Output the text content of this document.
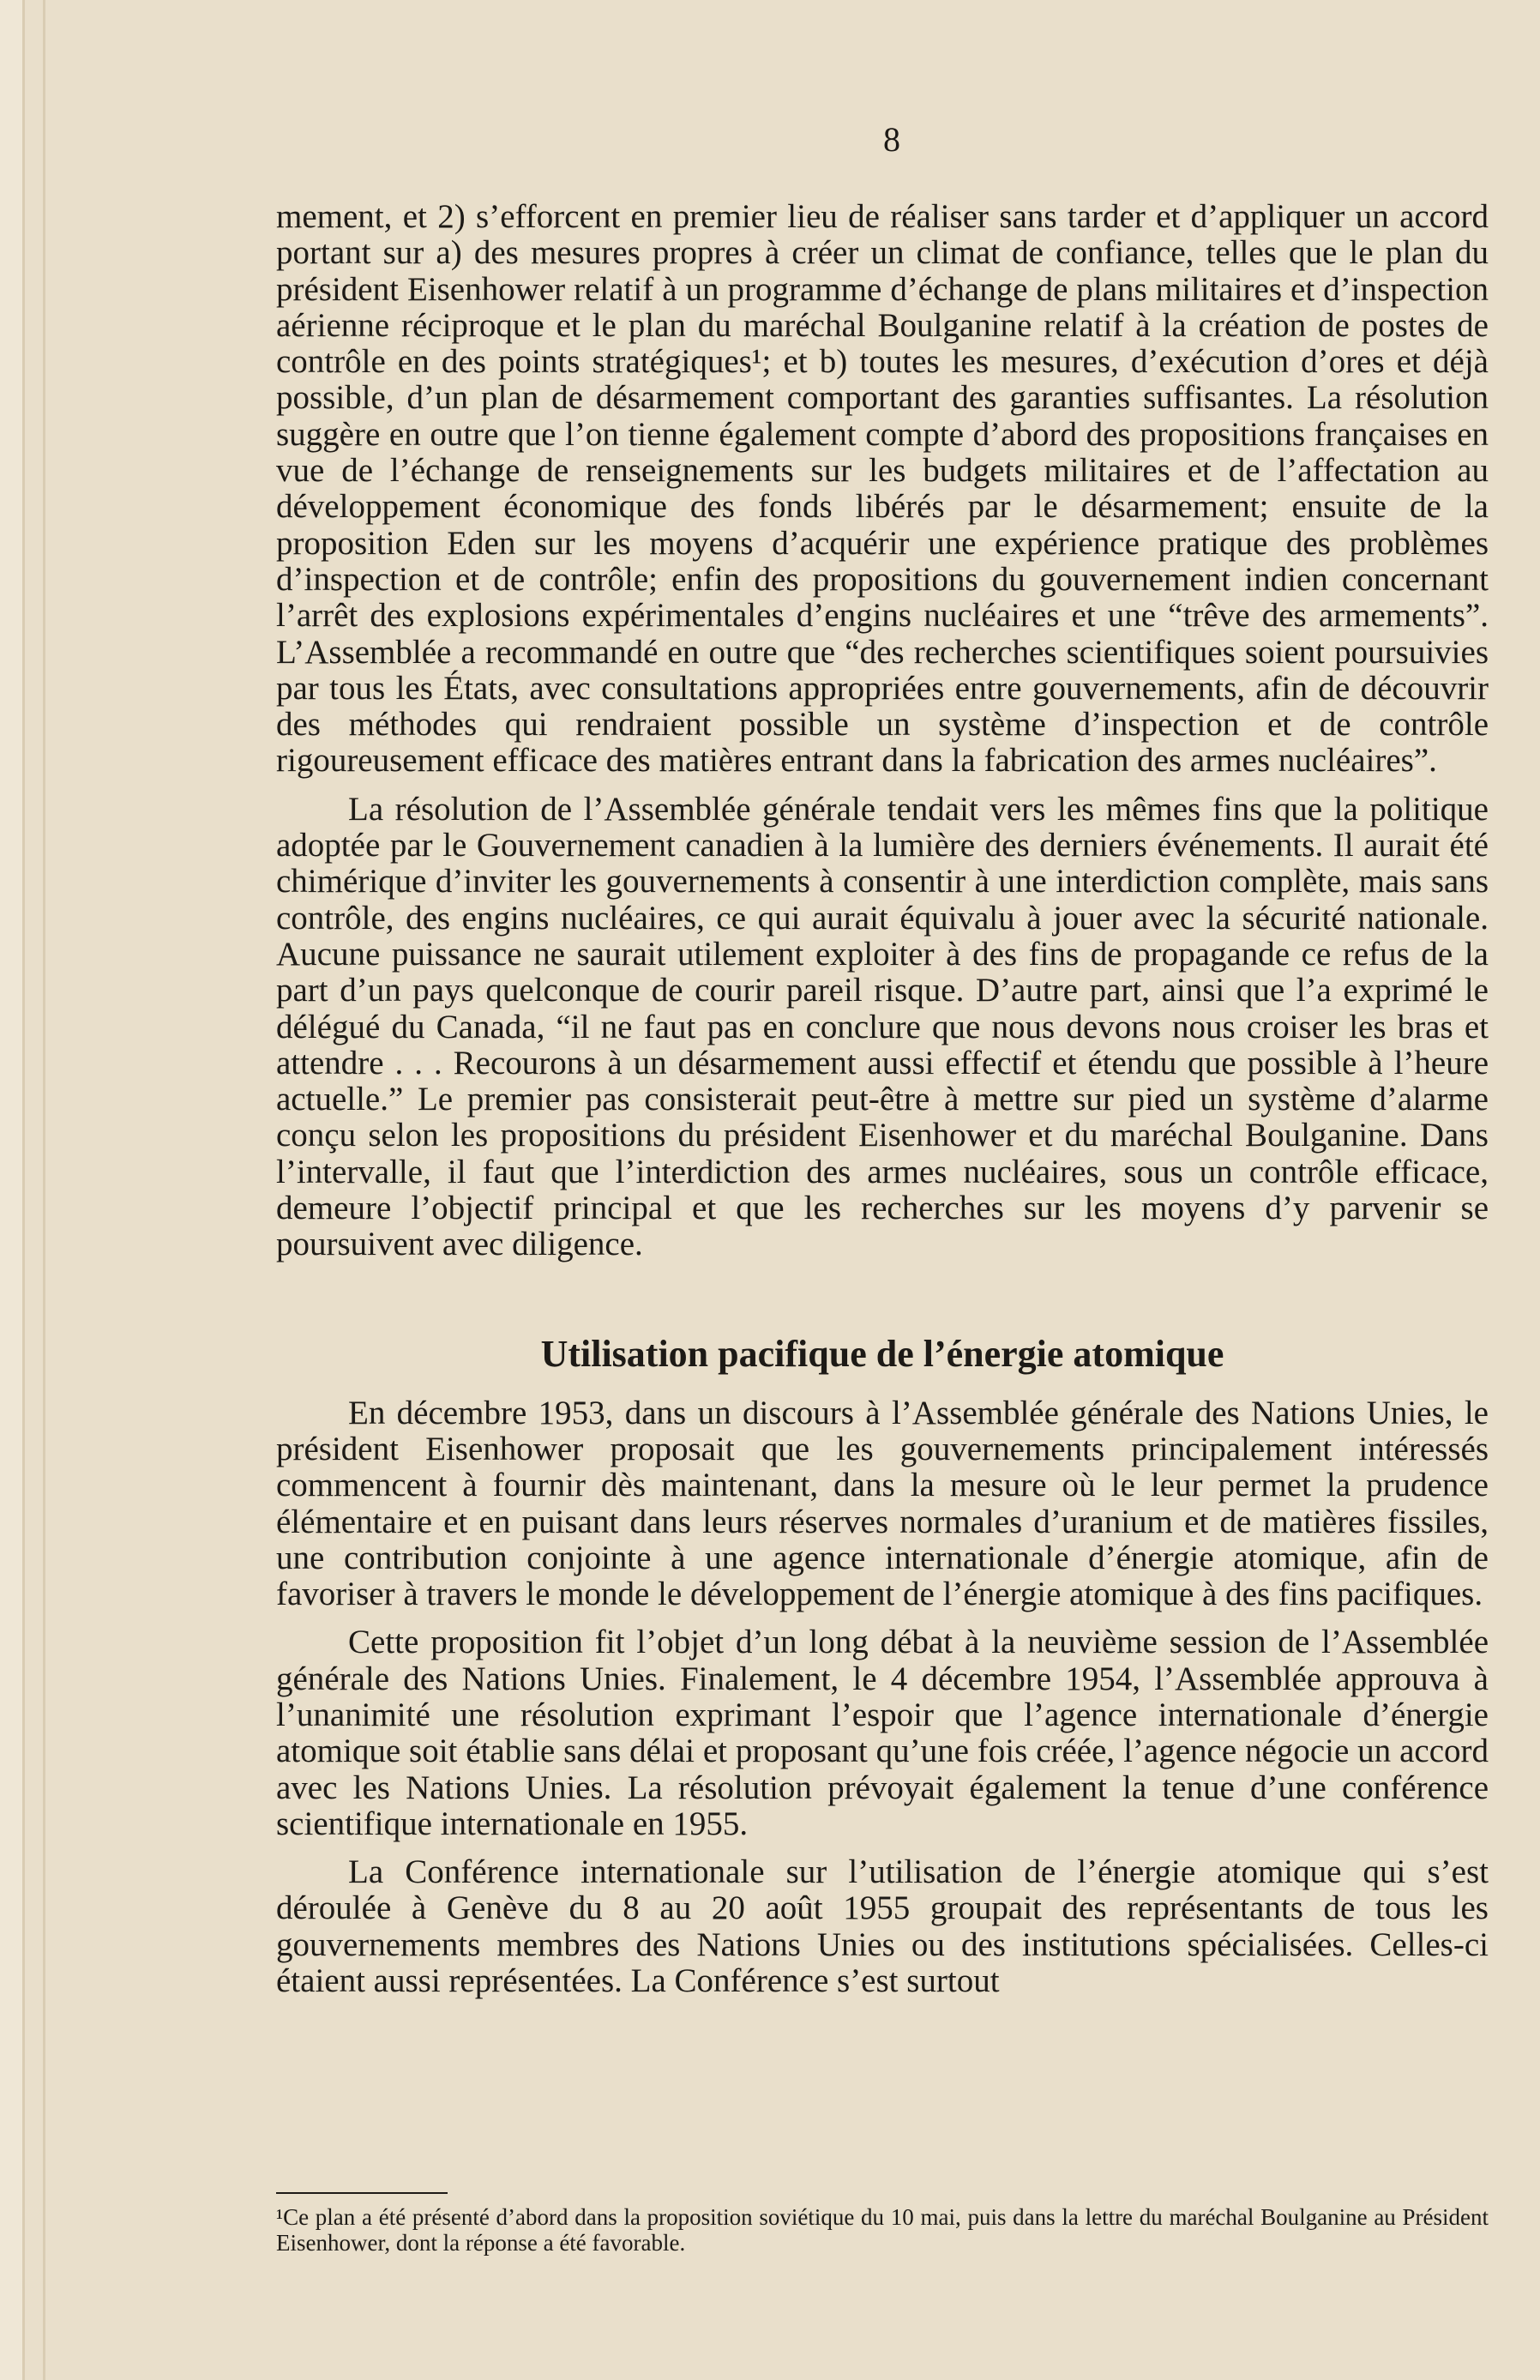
8

mement, et 2) s’efforcent en premier lieu de réaliser sans tarder et d’appliquer un accord portant sur a) des mesures propres à créer un climat de confiance, telles que le plan du président Eisenhower relatif à un programme d’échange de plans militaires et d’inspection aérienne réciproque et le plan du maréchal Boulganine relatif à la création de postes de contrôle en des points stratégiques¹; et b) toutes les mesures, d’exécution d’ores et déjà possible, d’un plan de désarmement comportant des garanties suffisantes. La résolution suggère en outre que l’on tienne également compte d’abord des propositions françaises en vue de l’échange de renseignements sur les budgets militaires et de l’affectation au développement économique des fonds libérés par le désarmement; ensuite de la proposition Eden sur les moyens d’acquérir une expérience pratique des problèmes d’inspection et de contrôle; enfin des propositions du gouvernement indien concernant l’arrêt des explosions expérimentales d’engins nucléaires et une “trêve des armements”. L’Assemblée a recommandé en outre que “des recherches scientifiques soient poursuivies par tous les États, avec consultations appropriées entre gouvernements, afin de découvrir des méthodes qui rendraient possible un système d’inspection et de contrôle rigoureusement efficace des matières entrant dans la fabrication des armes nucléaires”.

La résolution de l’Assemblée générale tendait vers les mêmes fins que la politique adoptée par le Gouvernement canadien à la lumière des derniers événements. Il aurait été chimérique d’inviter les gouvernements à consentir à une interdiction complète, mais sans contrôle, des engins nucléaires, ce qui aurait équivalu à jouer avec la sécurité nationale. Aucune puissance ne saurait utilement exploiter à des fins de propagande ce refus de la part d’un pays quelconque de courir pareil risque. D’autre part, ainsi que l’a exprimé le délégué du Canada, “il ne faut pas en conclure que nous devons nous croiser les bras et attendre . . . Recourons à un désarmement aussi effectif et étendu que possible à l’heure actuelle.” Le premier pas consisterait peut-être à mettre sur pied un système d’alarme conçu selon les propositions du président Eisenhower et du maréchal Boulganine. Dans l’intervalle, il faut que l’interdiction des armes nucléaires, sous un contrôle efficace, demeure l’objectif principal et que les recherches sur les moyens d’y parvenir se poursuivent avec diligence.

Utilisation pacifique de l’énergie atomique

En décembre 1953, dans un discours à l’Assemblée générale des Nations Unies, le président Eisenhower proposait que les gouvernements principalement intéressés commencent à fournir dès maintenant, dans la mesure où le leur permet la prudence élémentaire et en puisant dans leurs réserves normales d’uranium et de matières fissiles, une contribution conjointe à une agence internationale d’énergie atomique, afin de favoriser à travers le monde le développement de l’énergie atomique à des fins pacifiques.

Cette proposition fit l’objet d’un long débat à la neuvième session de l’Assemblée générale des Nations Unies. Finalement, le 4 décembre 1954, l’Assemblée approuva à l’unanimité une résolution exprimant l’espoir que l’agence internationale d’énergie atomique soit établie sans délai et proposant qu’une fois créée, l’agence négocie un accord avec les Nations Unies. La résolution prévoyait également la tenue d’une conférence scientifique internationale en 1955.

La Conférence internationale sur l’utilisation de l’énergie atomique qui s’est déroulée à Genève du 8 au 20 août 1955 groupait des représentants de tous les gouvernements membres des Nations Unies ou des institutions spécialisées. Celles-ci étaient aussi représentées. La Conférence s’est surtout

¹Ce plan a été présenté d’abord dans la proposition soviétique du 10 mai, puis dans la lettre du maréchal Boulganine au Président Eisenhower, dont la réponse a été favorable.
